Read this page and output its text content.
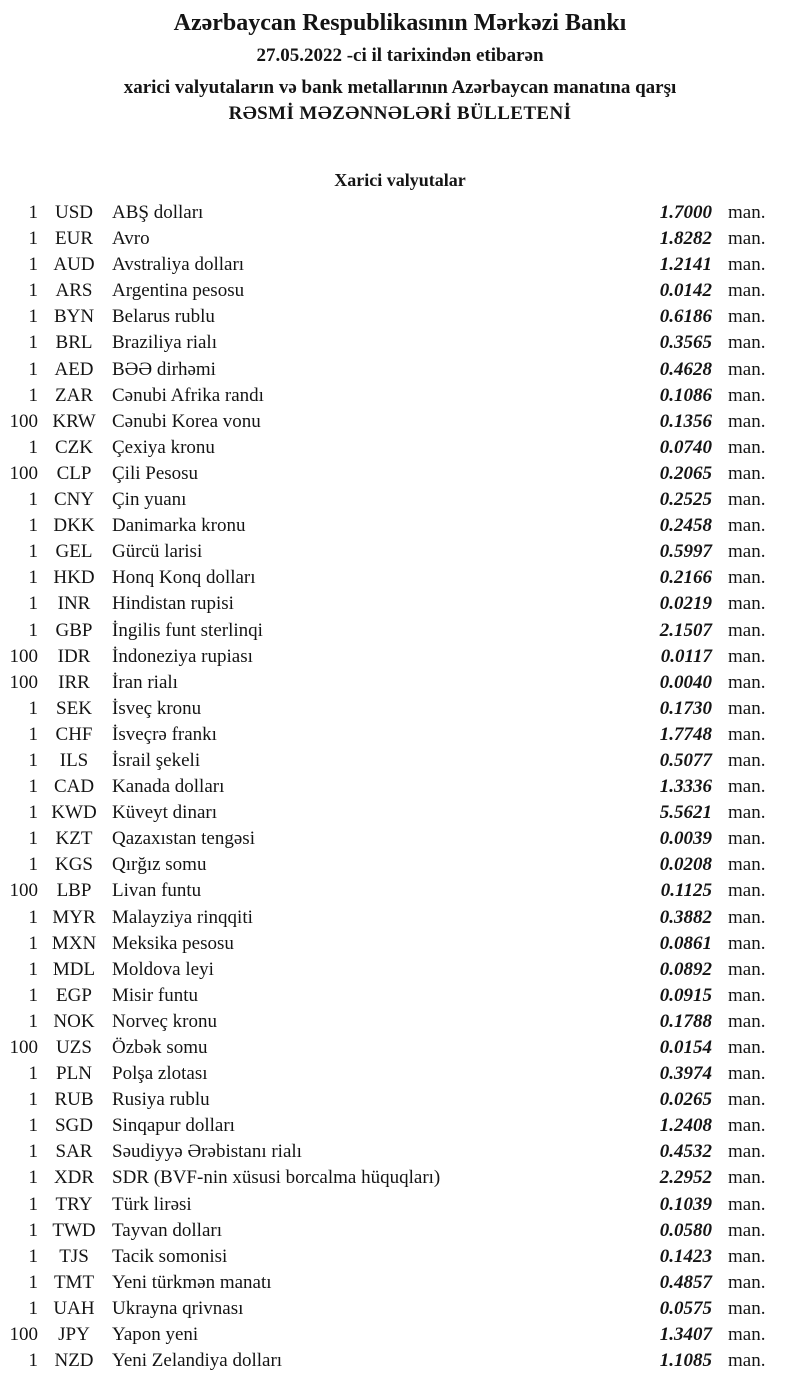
Azərbaycan Respublikasının Mərkəzi Bankı
27.05.2022 -ci il tarixindən etibarən
xarici valyutaların və bank metallarının Azərbaycan manatına qarşı
RƏSMİ MƏZƏNNƏLƏRİ BÜLLETENİ
Xarici valyutalar
1 USD	ABŞ dolları	1.7000 man.
1 EUR	Avro	1.8282 man.
1 AUD Avstraliya dolları	1.2141 man.
1 ARS	Argentina pesosu	0.0142 man.
1 BYN Belarus rublu	0.6186 man.
1 BRL	Braziliya rialı	0.3565 man.
1 AED BƏƏ dirhəmi	0.4628 man.
1 ZAR	Cənubi Afrika randı	0.1086 man.
100 KRW Cənubi Korea vonu	0.1356 man.
1 CZK	Çexiya kronu	0.0740 man.
100 CLP	Çili Pesosu	0.2065 man.
1 CNY Çin yuanı	0.2525 man.
1 DKK Danimarka kronu	0.2458 man.
1 GEL	Gürcü larisi	0.5997 man.
1 HKD Honq Konq dolları	0.2166 man.
1	INR	Hindistan rupisi	0.0219 man.
1 GBP	İngilis funt sterlinqi	2.1507 man.
100	IDR	İndoneziya rupiası	0.0117 man.
100	IRR	İran rialı	0.0040 man.
1 SEK	İsveç kronu	0.1730 man.
1 CHF	İsveçrə frankı	1.7748 man.
1	ILS	İsrail şekeli	0.5077 man.
1 CAD Kanada dolları	1.3336 man.
1 KWD Küveyt dinarı	5.5621 man.
1 KZT	Qazaxıstan tengəsi	0.0039 man.
1 KGS	Qırğız somu	0.0208 man.
100 LBP	Livan funtu	0.1125 man.
1 MYR Malayziya rinqqiti	0.3882 man.
1 MXN Meksika pesosu	0.0861 man.
1 MDL Moldova leyi	0.0892 man.
1 EGP	Misir funtu	0.0915 man.
1 NOK Norveç kronu	0.1788 man.
100 UZS	Özbək somu	0.0154 man.
1 PLN	Polşa zlotası	0.3974 man.
1 RUB Rusiya rublu	0.0265 man.
1 SGD	Sinqapur dolları	1.2408 man.
1 SAR	Səudiyyə Ərəbistanı rialı	0.4532 man.
1 XDR SDR (BVF-nin xüsusi borcalma hüquqları)	2.2952 man.
1 TRY	Türk lirəsi	0.1039 man.
1 TWD Tayvan dolları	0.0580 man.
1	TJS	Tacik somonisi	0.1423 man.
1 TMT Yeni türkmən manatı	0.4857 man.
1 UAH Ukrayna qrivnası	0.0575 man.
100	JPY	Yapon yeni	1.3407 man.
1 NZD Yeni Zelandiya dolları	1.1085 man.
